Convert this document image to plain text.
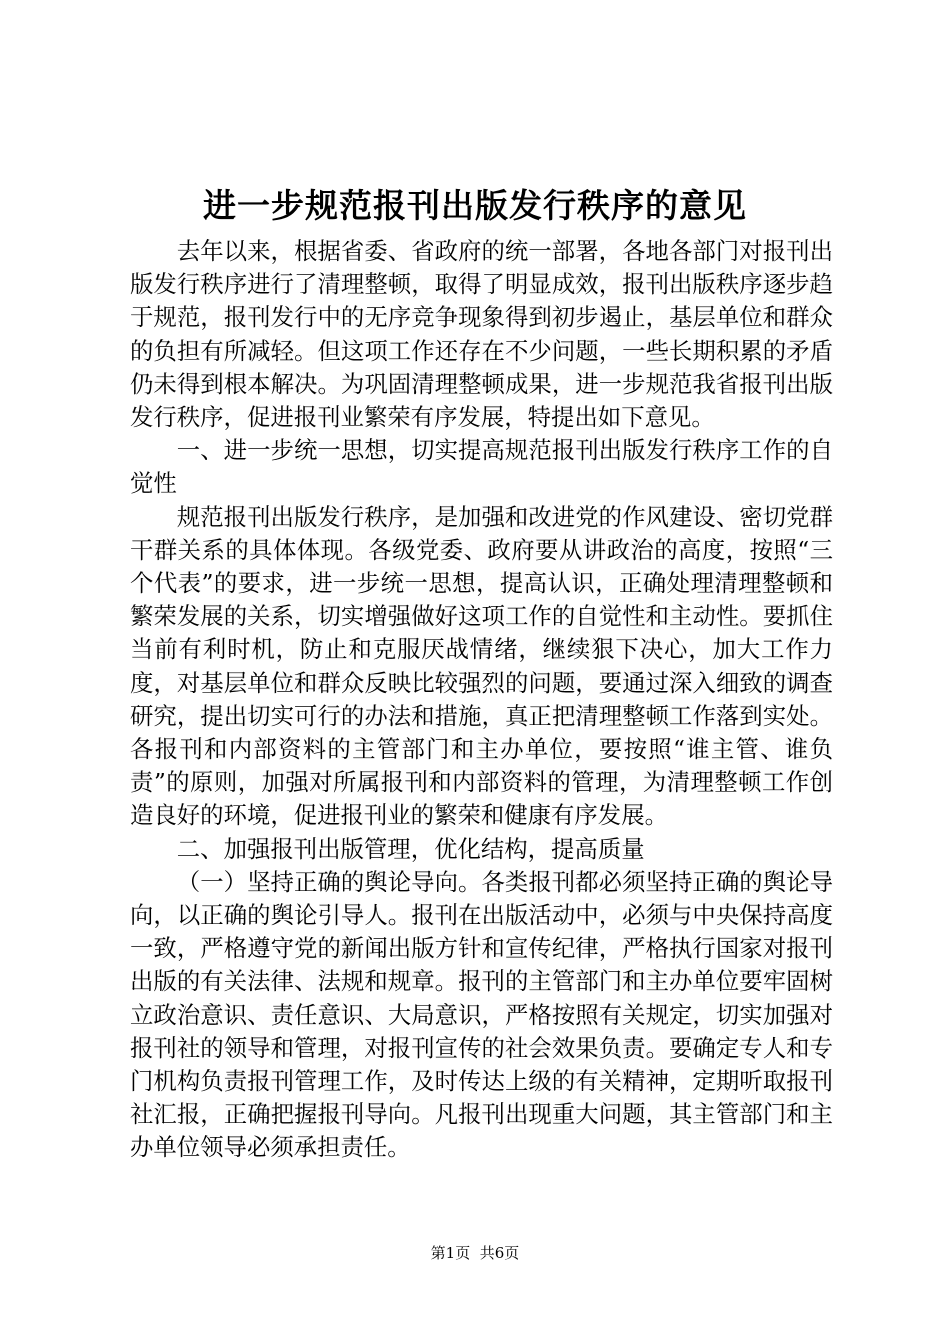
进一步规范报刊出版发行秩序的意见

去年以来，根据省委、省政府的统一部署，各地各部门对报刊出版发行秩序进行了清理整顿，取得了明显成效，报刊出版秩序逐步趋于规范，报刊发行中的无序竞争现象得到初步遏止，基层单位和群众的负担有所减轻。但这项工作还存在不少问题，一些长期积累的矛盾仍未得到根本解决。为巩固清理整顿成果，进一步规范我省报刊出版发行秩序，促进报刊业繁荣有序发展，特提出如下意见。

一、进一步统一思想，切实提高规范报刊出版发行秩序工作的自觉性

规范报刊出版发行秩序，是加强和改进党的作风建设、密切党群干群关系的具体体现。各级党委、政府要从讲政治的高度，按照“三个代表”的要求，进一步统一思想，提高认识，正确处理清理整顿和繁荣发展的关系，切实增强做好这项工作的自觉性和主动性。要抓住当前有利时机，防止和克服厌战情绪，继续狠下决心，加大工作力度，对基层单位和群众反映比较强烈的问题，要通过深入细致的调查研究，提出切实可行的办法和措施，真正把清理整顿工作落到实处。各报刊和内部资料的主管部门和主办单位，要按照“谁主管、谁负责”的原则，加强对所属报刊和内部资料的管理，为清理整顿工作创造良好的环境，促进报刊业的繁荣和健康有序发展。

二、加强报刊出版管理，优化结构，提高质量

（一）坚持正确的舆论导向。各类报刊都必须坚持正确的舆论导向，以正确的舆论引导人。报刊在出版活动中，必须与中央保持高度一致，严格遵守党的新闻出版方针和宣传纪律，严格执行国家对报刊出版的有关法律、法规和规章。报刊的主管部门和主办单位要牢固树立政治意识、责任意识、大局意识，严格按照有关规定，切实加强对报刊社的领导和管理，对报刊宣传的社会效果负责。要确定专人和专门机构负责报刊管理工作，及时传达上级的有关精神，定期听取报刊社汇报，正确把握报刊导向。凡报刊出现重大问题，其主管部门和主办单位领导必须承担责任。

第1页 共6页
